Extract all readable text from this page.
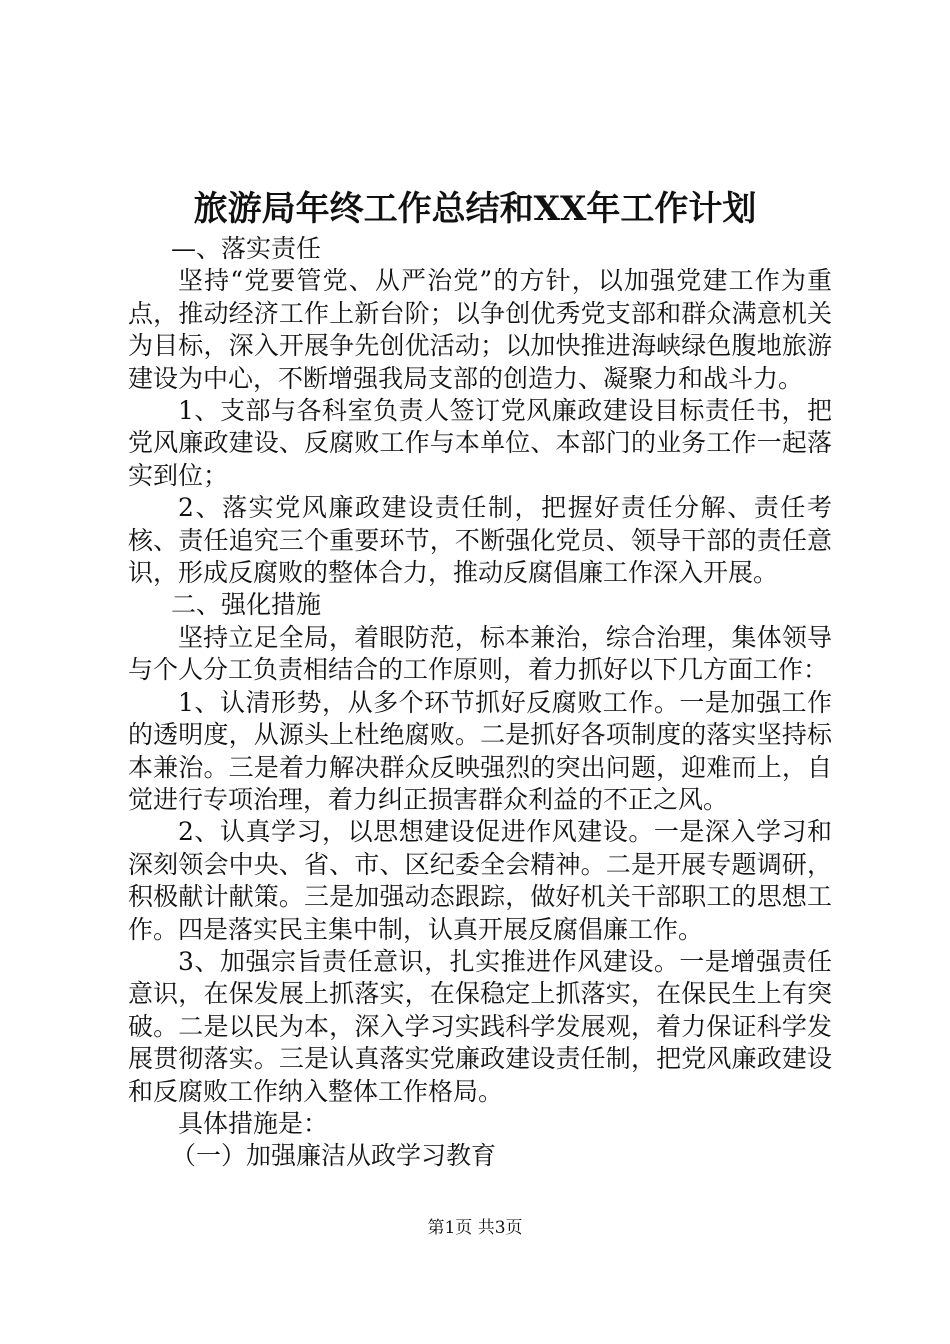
旅游局年终工作总结和XX年工作计划

—、落实责任

坚持“党要管党、从严治党”的方针，以加强党建工作为重点，推动经济工作上新台阶；以争创优秀党支部和群众满意机关为目标，深入开展争先创优活动；以加快推进海峡绿色腹地旅游建设为中心，不断增强我局支部的创造力、凝聚力和战斗力。

1、支部与各科室负责人签订党风廉政建设目标责任书，把党风廉政建设、反腐败工作与本单位、本部门的业务工作一起落实到位；

2、落实党风廉政建设责任制，把握好责任分解、责任考核、责任追究三个重要环节，不断强化党员、领导干部的责任意识，形成反腐败的整体合力，推动反腐倡廉工作深入开展。

二、强化措施

坚持立足全局，着眼防范，标本兼治，综合治理，集体领导与个人分工负责相结合的工作原则，着力抓好以下几方面工作：

1、认清形势，从多个环节抓好反腐败工作。一是加强工作的透明度，从源头上杜绝腐败。二是抓好各项制度的落实坚持标本兼治。三是着力解决群众反映强烈的突出问题，迎难而上，自觉进行专项治理，着力纠正损害群众利益的不正之风。

2、认真学习，以思想建设促进作风建设。一是深入学习和深刻领会中央、省、市、区纪委全会精神。二是开展专题调研，积极献计献策。三是加强动态跟踪，做好机关干部职工的思想工作。四是落实民主集中制，认真开展反腐倡廉工作。

3、加强宗旨责任意识，扎实推进作风建设。一是增强责任意识，在保发展上抓落实，在保稳定上抓落实，在保民生上有突破。二是以民为本，深入学习实践科学发展观，着力保证科学发展贯彻落实。三是认真落实党廉政建设责任制，把党风廉政建设和反腐败工作纳入整体工作格局。

具体措施是：

（一）加强廉洁从政学习教育

第1页 共3页
